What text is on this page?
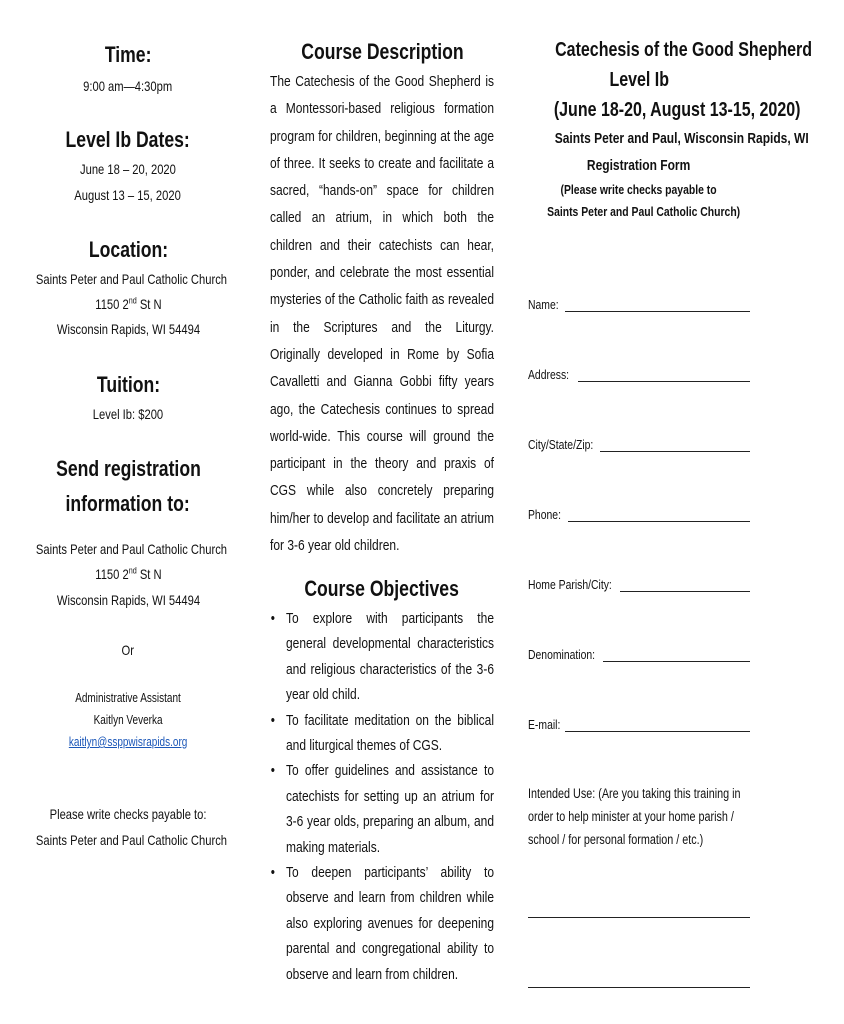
Time:
9:00 am—4:30pm
Level Ib Dates:
June 18 – 20, 2020
August 13 – 15, 2020
Location:
Saints Peter and Paul Catholic Church
1150 2nd St N
Wisconsin Rapids, WI 54494
Tuition:
Level Ib: $200
Send registration
information to:
Saints Peter and Paul Catholic Church
1150 2nd St N
Wisconsin Rapids, WI 54494
Or
Administrative Assistant
Kaitlyn Veverka
kaitlyn@ssppwisrapids.org
Please write checks payable to:
Saints Peter and Paul Catholic Church
Course Description
The Catechesis of the Good Shepherd is a Montessori-based religious formation program for children, beginning at the age of three. It seeks to create and facilitate a sacred, “hands-on” space for children called an atrium, in which both the children and their catechists can hear, ponder, and celebrate the most essential mysteries of the Catholic faith as revealed in the Scriptures and the Liturgy. Originally developed in Rome by Sofia Cavalletti and Gianna Gobbi fifty years ago, the Catechesis continues to spread world-wide. This course will ground the participant in the theory and praxis of CGS while also concretely preparing him/her to develop and facilitate an atrium for 3-6 year old children.
Course Objectives
• To explore with participants the general developmental characteristics and religious characteristics of the 3-6 year old child.
• To facilitate meditation on the biblical and liturgical themes of CGS.
• To offer guidelines and assistance to catechists for setting up an atrium for 3-6 year olds, preparing an album, and making materials.
• To deepen participants’ ability to observe and learn from children while also exploring avenues for deepening parental and congregational ability to observe and learn from children.
Catechesis of the Good Shepherd
Level Ib
(June 18-20, August 13-15, 2020)
Saints Peter and Paul, Wisconsin Rapids, WI
Registration Form
(Please write checks payable to
Saints Peter and Paul Catholic Church)
Name:
Address:
City/State/Zip:
Phone:
Home Parish/City:
Denomination:
E-mail:
Intended Use: (Are you taking this training in order to help minister at your home parish / school / for personal formation / etc.)
